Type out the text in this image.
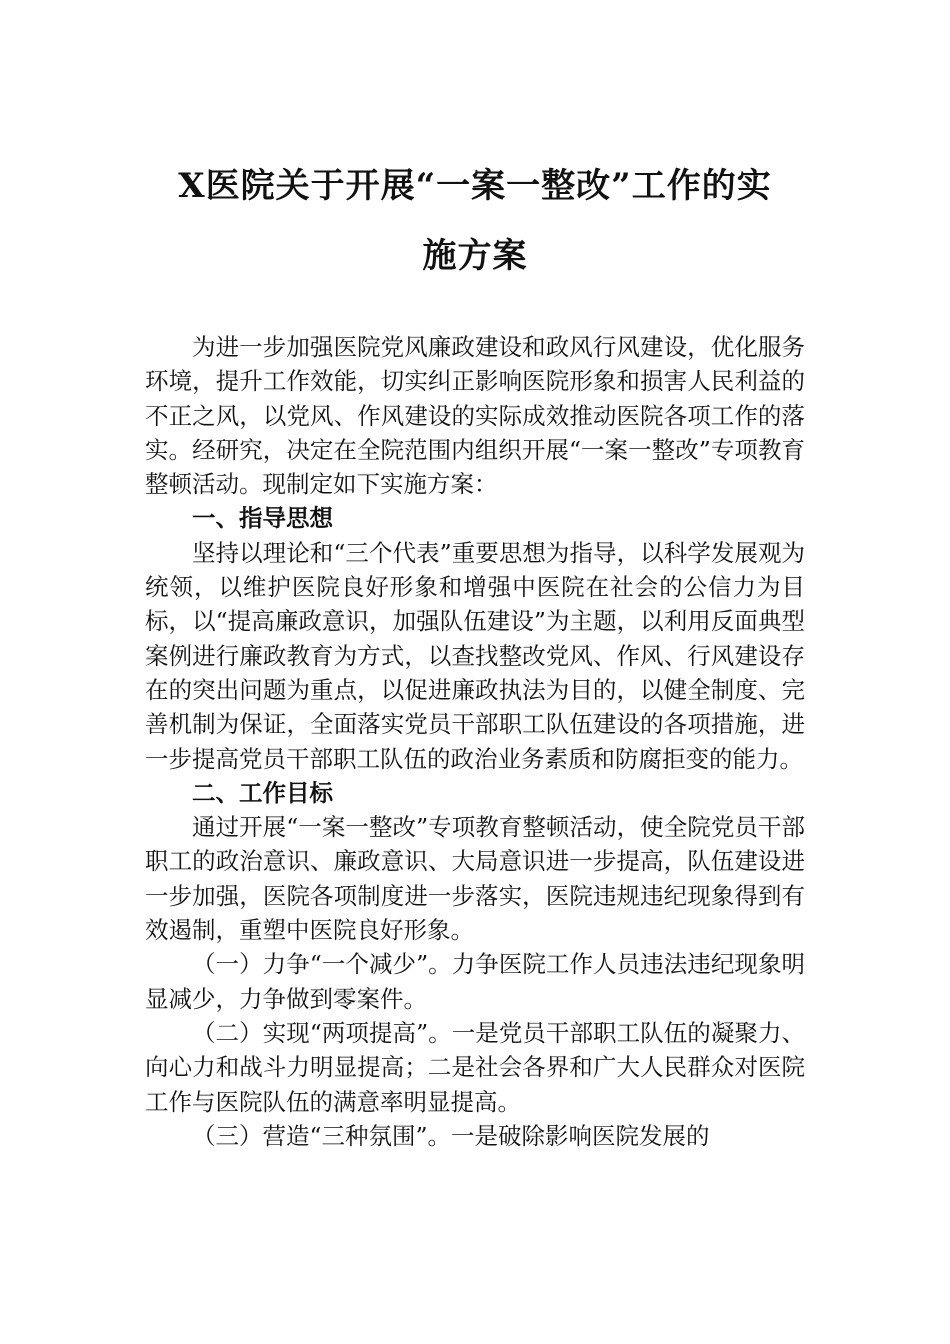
X医院关于开展“一案一整改”工作的实
施方案

为进一步加强医院党风廉政建设和政风行风建设，优化服务环境，提升工作效能，切实纠正影响医院形象和损害人民利益的不正之风，以党风、作风建设的实际成效推动医院各项工作的落实。经研究，决定在全院范围内组织开展“一案一整改”专项教育整顿活动。现制定如下实施方案：

一、指导思想

坚持以理论和“三个代表”重要思想为指导，以科学发展观为统领，以维护医院良好形象和增强中医院在社会的公信力为目标，以“提高廉政意识，加强队伍建设”为主题，以利用反面典型案例进行廉政教育为方式，以查找整改党风、作风、行风建设存在的突出问题为重点，以促进廉政执法为目的，以健全制度、完善机制为保证，全面落实党员干部职工队伍建设的各项措施，进一步提高党员干部职工队伍的政治业务素质和防腐拒变的能力。

二、工作目标

通过开展“一案一整改”专项教育整顿活动，使全院党员干部职工的政治意识、廉政意识、大局意识进一步提高，队伍建设进一步加强，医院各项制度进一步落实，医院违规违纪现象得到有效遏制，重塑中医院良好形象。

（一）力争“一个减少”。力争医院工作人员违法违纪现象明显减少，力争做到零案件。

（二）实现“两项提高”。一是党员干部职工队伍的凝聚力、向心力和战斗力明显提高；二是社会各界和广大人民群众对医院工作与医院队伍的满意率明显提高。

（三）营造“三种氛围”。一是破除影响医院发展的
